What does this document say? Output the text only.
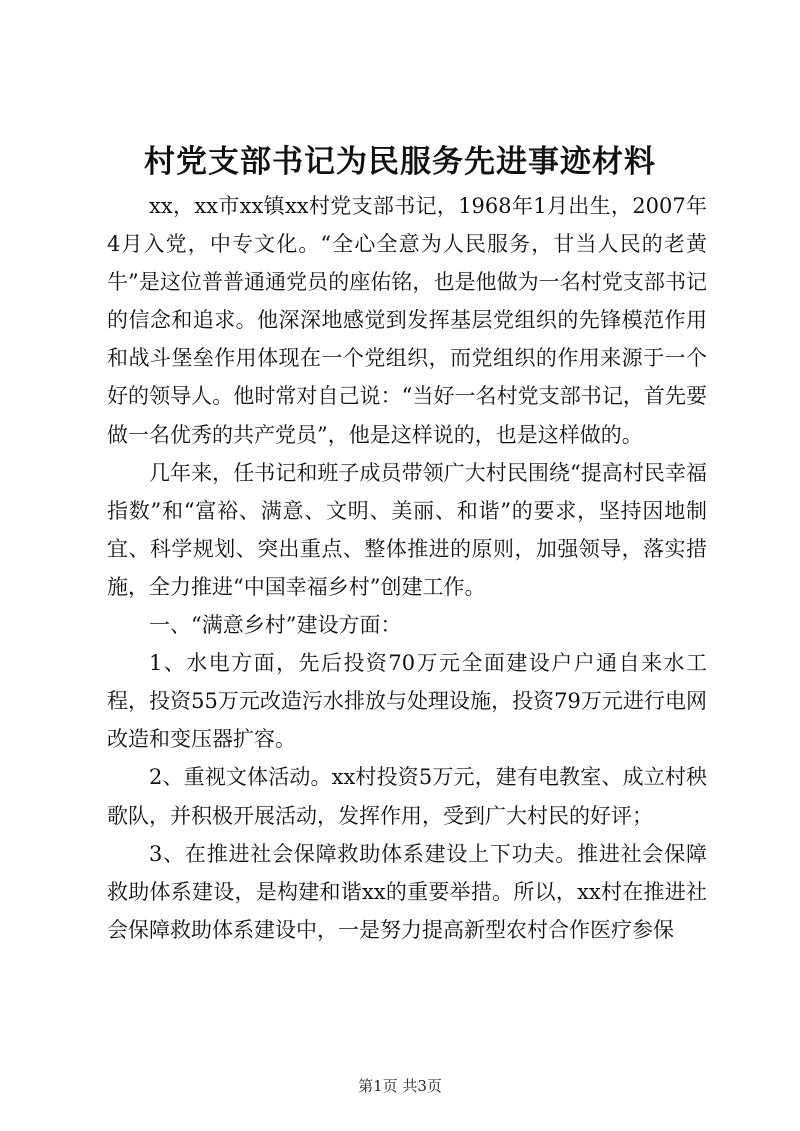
村党支部书记为民服务先进事迹材料

xx，xx市xx镇xx村党支部书记，1968年1月出生，2007年4月入党，中专文化。“全心全意为人民服务，甘当人民的老黄牛”是这位普普通通党员的座佑铭，也是他做为一名村党支部书记的信念和追求。他深深地感觉到发挥基层党组织的先锋模范作用和战斗堡垒作用体现在一个党组织，而党组织的作用来源于一个好的领导人。他时常对自己说：“当好一名村党支部书记，首先要做一名优秀的共产党员”，他是这样说的，也是这样做的。

几年来，任书记和班子成员带领广大村民围绕“提高村民幸福指数”和“富裕、满意、文明、美丽、和谐”的要求，坚持因地制宜、科学规划、突出重点、整体推进的原则，加强领导，落实措施，全力推进“中国幸福乡村”创建工作。

一、“满意乡村”建设方面：

1、水电方面，先后投资70万元全面建设户户通自来水工程，投资55万元改造污水排放与处理设施，投资79万元进行电网改造和变压器扩容。

2、重视文体活动。xx村投资5万元，建有电教室、成立村秧歌队，并积极开展活动，发挥作用，受到广大村民的好评；

3、在推进社会保障救助体系建设上下功夫。推进社会保障救助体系建设，是构建和谐xx的重要举措。所以，xx村在推进社会保障救助体系建设中，一是努力提高新型农村合作医疗参保

第1页 共3页
